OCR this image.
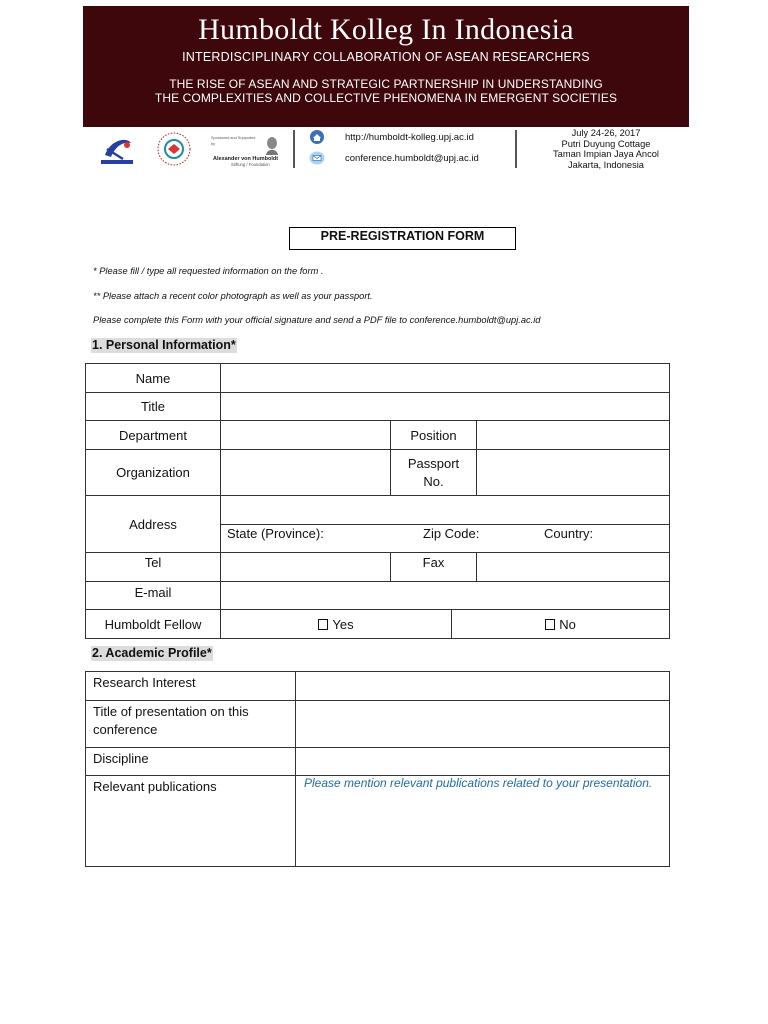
Humboldt Kolleg In Indonesia
INTERDISCIPLINARY COLLABORATION OF ASEAN RESEARCHERS
THE RISE OF ASEAN AND STRATEGIC PARTNERSHIP IN UNDERSTANDING
THE COMPLEXITIES AND COLLECTIVE PHENOMENA IN EMERGENT SOCIETIES
Sponsored and Supported by
Alexander von Humboldt
Stiftung / Foundation
http://humboldt-kolleg.upj.ac.id
conference.humboldt@upj.ac.id
July 24-26, 2017
Putri Duyung Cottage
Taman Impian Jaya Ancol
Jakarta, Indonesia
PRE-REGISTRATION FORM
* Please fill / type all requested information on the form .
** Please attach a recent color photograph as well as your passport.
Please complete this Form with your official signature and send a PDF file to conference.humboldt@upj.ac.id
1. Personal Information*
Name				
Title				
Department		Position		
Organization		Passport
No.		

Address				

	State (Province): Zip Code: Country:			

Tel		Fax		
E-mail				
Humboldt Fellow	Yes		No	
2. Academic Profile*
Research Interest	

Title of presentation on this
conference	

Discipline	
Relevant publications	Please mention relevant publications related to your presentation.
